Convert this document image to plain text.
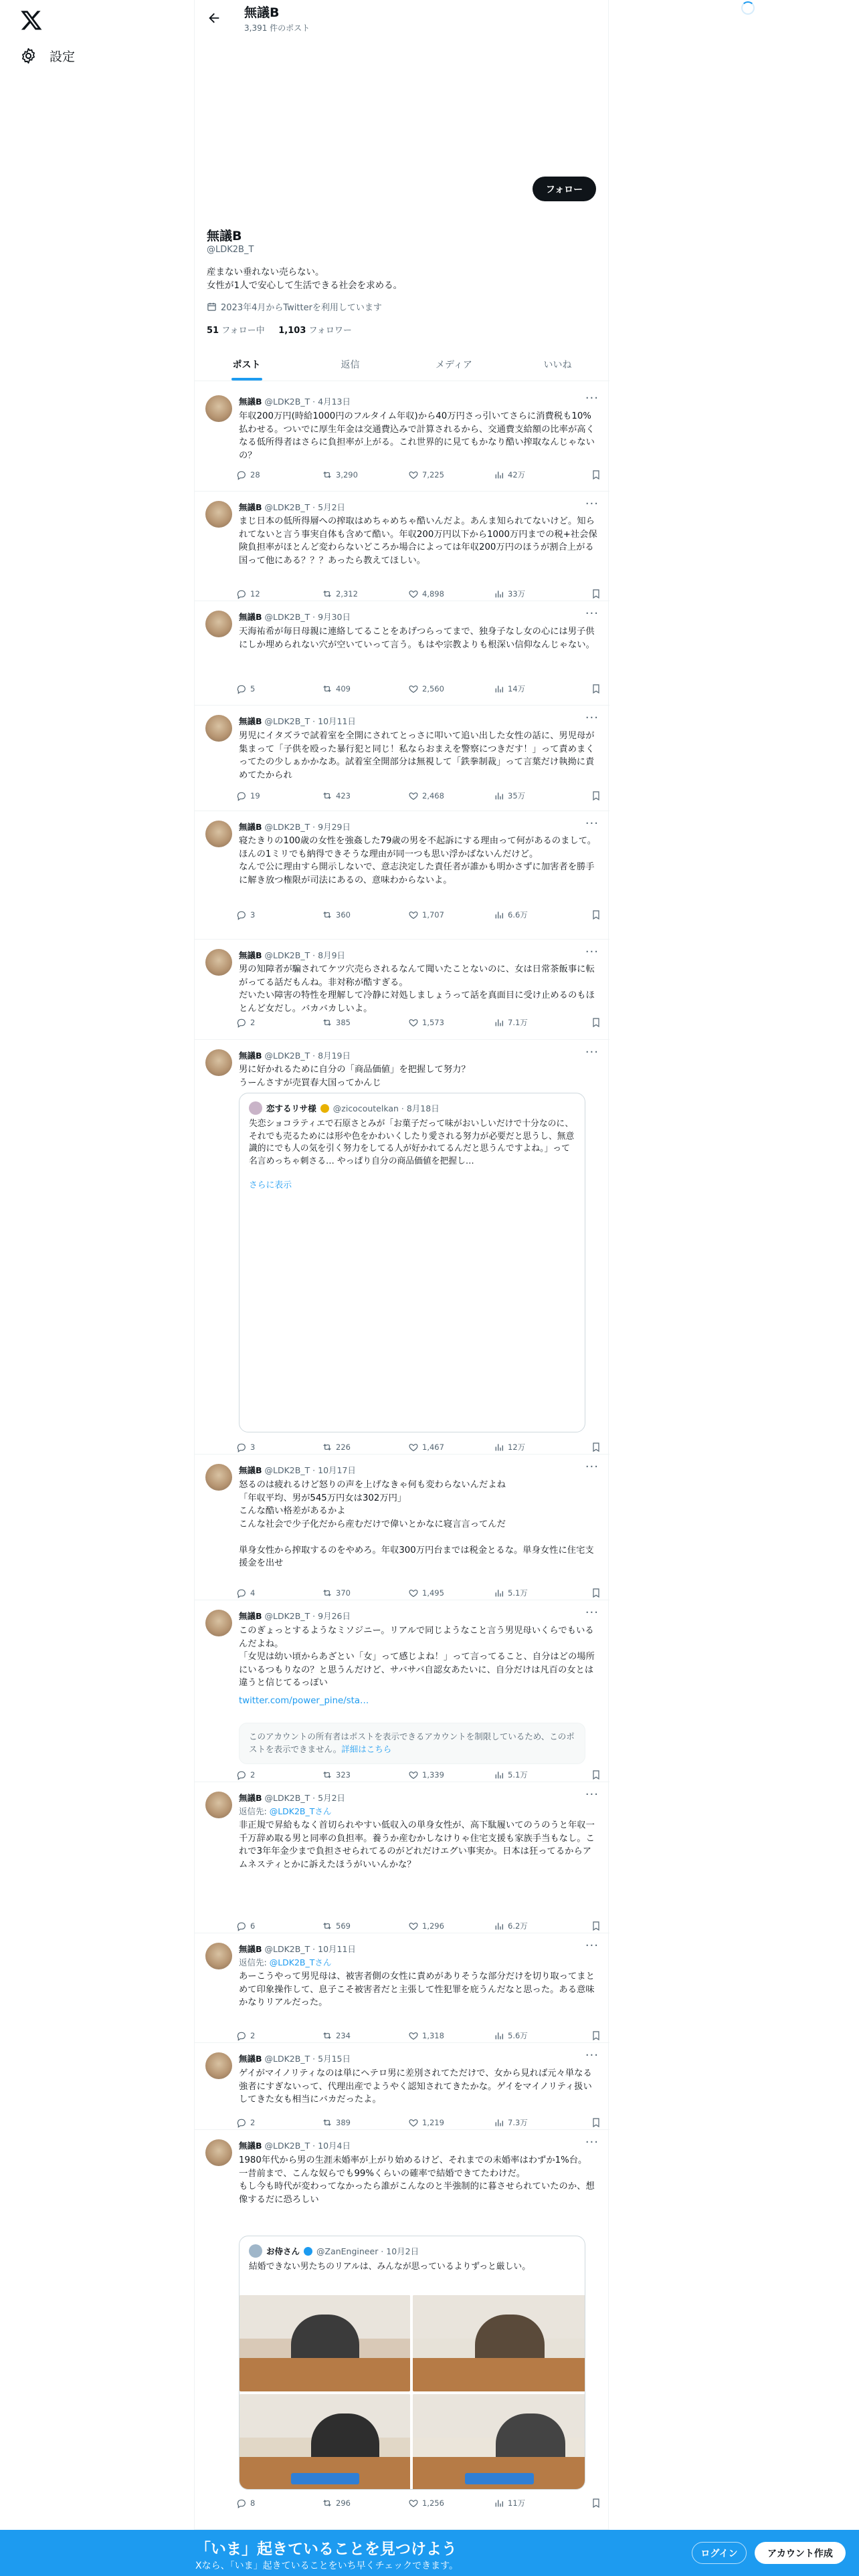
設定
無議B
3,391 件のポスト
フォロー
無議B
@LDK2B_T
産まない垂れない売らない。
女性が1人で安心して生活できる社会を求める。
2023年4月からTwitterを利用しています
51 フォロー中 1,103 フォロワー
ポスト	返信	メディア	いいね
無議B @LDK2B_T · 4月13日	···
年収200万円(時給1000円のフルタイム年収)から40万円さっ引いてさらに消費税も10%払わせる。ついでに厚生年金は交通費込みで計算されるから、交通費支給額の比率が高くなる低所得者はさらに負担率が上がる。これ世界的に見てもかなり酷い搾取なんじゃないの？
28	3,290	7,225	42万
無議B @LDK2B_T · 5月2日	···
まじ日本の低所得層への搾取はめちゃめちゃ酷いんだよ。あんま知られてないけど。知られてないと言う事実自体も含めて酷い。年収200万円以下から1000万円までの税+社会保険負担率がほとんど変わらないどころか場合によっては年収200万円のほうが割合上がる国って他にある？？？あったら教えてほしい。
12	2,312	4,898	33万
無議B @LDK2B_T · 9月30日	···
天海祐希が毎日母親に連絡してることをあげつらってまで、独身子なし女の心には男子供にしか埋められない穴が空いていって言う。もはや宗教よりも根深い信仰なんじゃない。
5	409	2,560	14万
無議B @LDK2B_T · 10月11日	···
男児にイタズラで試着室を全開にされてとっさに叩いて追い出した女性の話に、男児母が集まって「子供を殴った暴行犯と同じ！私ならおまえを警察につきだす！」って責めまくってたの少しぁかかなあ。試着室全開部分は無視して「鉄拳制裁」って言葉だけ執拗に責めてたかられ
19	423	2,468	35万
無議B @LDK2B_T · 9月29日	···
寝たきりの100歳の女性を強姦した79歳の男を不起訴にする理由って何があるのまして。ほんの1ミリでも納得できそうな理由が同一つも思い浮かばないんだけど。
なんで公に理由すら開示しないで、意志決定した責任者が誰かも明かさずに加害者を勝手に解き放つ権限が司法にあるの、意味わからないよ。
3	360	1,707	6.6万
無議B @LDK2B_T · 8月9日	···
男の知障者が騙されてケツ穴売らされるなんて聞いたことないのに、女は日常茶飯事に転がってる話だもんね。非対称が酷すぎる。
だいたい障害の特性を理解して冷静に対処しましょうって話を真面目に受け止めるのもほとんど女だし。バカバカしいよ。
2	385	1,573	7.1万
無議B @LDK2B_T · 8月19日	···
男に好かれるために自分の「商品価値」を把握して努力？
うーんさすが売買春大国ってかんじ
恋するリサ様 @zicocoutelkan · 8月18日
失恋ショコラティエで石原さとみが「お菓子だって味がおいしいだけで十分なのに、それでも売るためには形や色をかわいくしたり愛される努力が必要だと思うし、無意識的にでも人の気を引く努力をしてる人が好かれてるんだと思うんですよね。」って名言めっちゃ刺さる… やっぱり自分の商品価値を把握し…
さらに表示
3	226	1,467	12万
無議B @LDK2B_T · 10月17日	···
怒るのは疲れるけど怒りの声を上げなきゃ何も変わらないんだよね
「年収平均、男が545万円女は302万円」
こんな酷い格差があるかよ
こんな社会で少子化だから産むだけで偉いとかなに寝言言ってんだ

単身女性から搾取するのをやめろ。年収300万円台までは税金とるな。単身女性に住宅支援金を出せ
4	370	1,495	5.1万
無議B @LDK2B_T · 9月26日	···
このぎょっとするようなミソジニー。リアルで同じようなこと言う男児母いくらでもいるんだよね。
「女児は幼い頃からあざとい「女」って感じよね！」って言ってること、自分はどの場所にいるつもりなの？と思うんだけど、サバサバ自認女あたいに、自分だけは凡百の女とは違うと信じてるっぽい
twitter.com/power_pine/sta…
このアカウントの所有者はポストを表示できるアカウントを制限しているため、このポストを表示できません。詳細はこちら
2	323	1,339	5.1万
無議B @LDK2B_T · 5月2日	···
返信先: @LDK2B_Tさん
非正規で昇給もなく首切られやすい低収入の単身女性が、高下駄履いてのうのうと年収一千万辞め取る男と同率の負担率。養うか産むかしなけりゃ住宅支援も家族手当もなし。これで3年年金少まで負担させられてるのがどれだけエグい事実か。日本は狂ってるからアムネスティとかに訴えたほうがいいんかな？
6	569	1,296	6.2万
無議B @LDK2B_T · 10月11日	···
返信先: @LDK2B_Tさん
あーこうやって男児母は、被害者側の女性に責めがありそうな部分だけを切り取ってまとめて印象操作して、息子こそ被害者だと主張して性犯罪を庇うんだなと思った。ある意味かなりリアルだった。
2	234	1,318	5.6万
無議B @LDK2B_T · 5月15日	···
ゲイがマイノリティなのは単にヘテロ男に差別されてただけで、女から見れば元々単なる強者にすぎないって、代理出産でようやく認知されてきたかな。ゲイをマイノリティ扱いしてきた女も相当にバカだったよ。
2	389	1,219	7.3万
無議B @LDK2B_T · 10月4日	···
1980年代から男の生涯未婚率が上がり始めるけど、それまでの未婚率はわずか1%台。
一昔前まで、こんな奴らでも99%くらいの確率で結婚できてたわけだ。
もし今も時代が変わってなかったら誰がこんなのと半強制的に暮させられていたのか、想像するだに恐ろしい
お侍さん @ZanEngineer · 10月2日
結婚できない男たちのリアルは、みんなが思っているよりずっと厳しい。
8	296	1,256	11万
「いま」起きていることを見つけよう
Xなら、「いま」起きていることをいち早くチェックできます。
ログイン	アカウント作成
